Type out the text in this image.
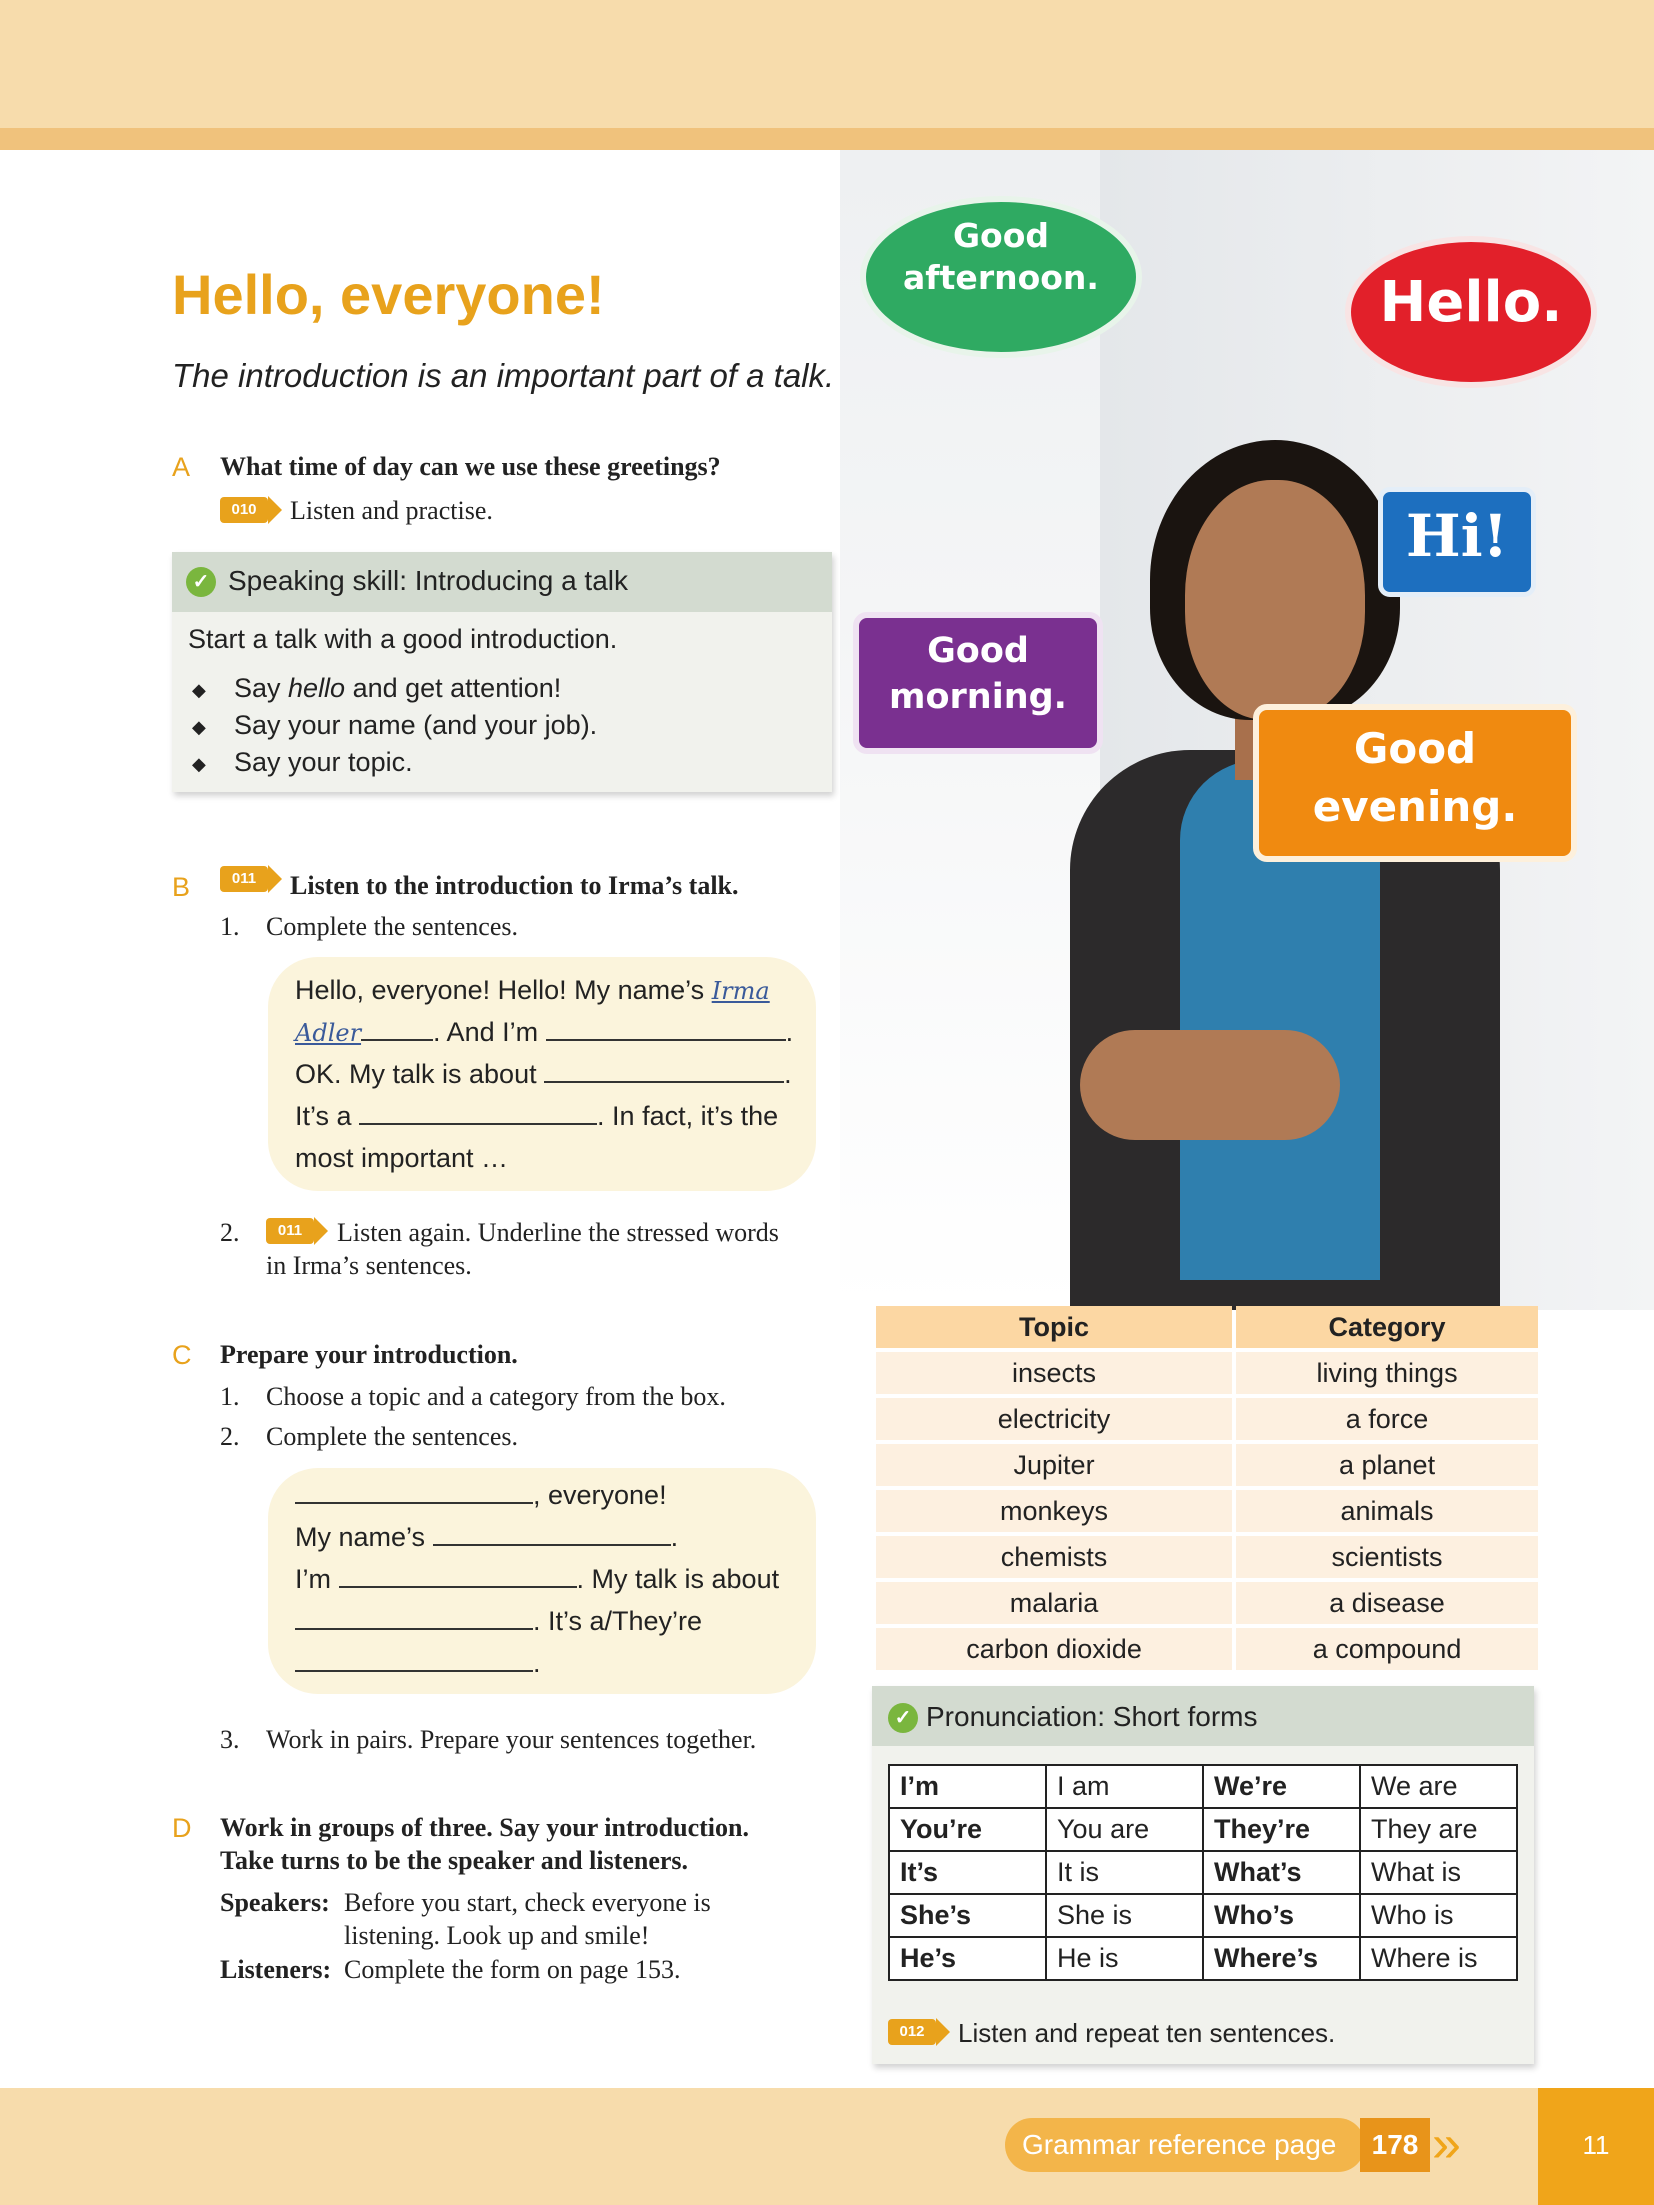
Good
afternoon.	Hello.
Hi!
Good
morning.
Good
evening.
Hello, everyone!
The introduction is an important part of a talk.
A What time of day can we use these greetings?
010	Listen and practise.
✓ Speaking skill: Introducing a talk
Start a talk with a good introduction.
◆ Say hello and get attention!
◆ Say your name (and your job).
◆ Say your topic.
B	011	Listen to the introduction to Irma’s talk.
1. Complete the sentences.
Hello, everyone! Hello! My name’s Irma
Adler	. And I’m	.
OK. My talk is about	.
It’s a	. In fact, it’s the
most important …
2.	011	Listen again. Underline the stressed words
in Irma’s sentences.
C Prepare your introduction.
1. Choose a topic and a category from the box.
2. Complete the sentences.
, everyone!
My name’s	.
I’m	. My talk is about
. It’s a/They’re
.
3. Work in pairs. Prepare your sentences together.
D Work in groups of three. Say your introduction.
Take turns to be the speaker and listeners.
Speakers: Before you start, check everyone is
listening. Look up and smile!
Listeners: Complete the form on page 153.
Topic	Category
insects	living things
electricity	a force
Jupiter	a planet
monkeys	animals
chemists	scientists
malaria	a disease
carbon dioxide	a compound
✓ Pronunciation: Short forms
I’m	I am	We’re	We are
You’re	You are	They’re	They are
It’s	It is	What’s	What is
She’s	She is	Who’s	Who is
He’s	He is	Where’s	Where is
012	Listen and repeat ten sentences.
Grammar reference page	178 »	11
